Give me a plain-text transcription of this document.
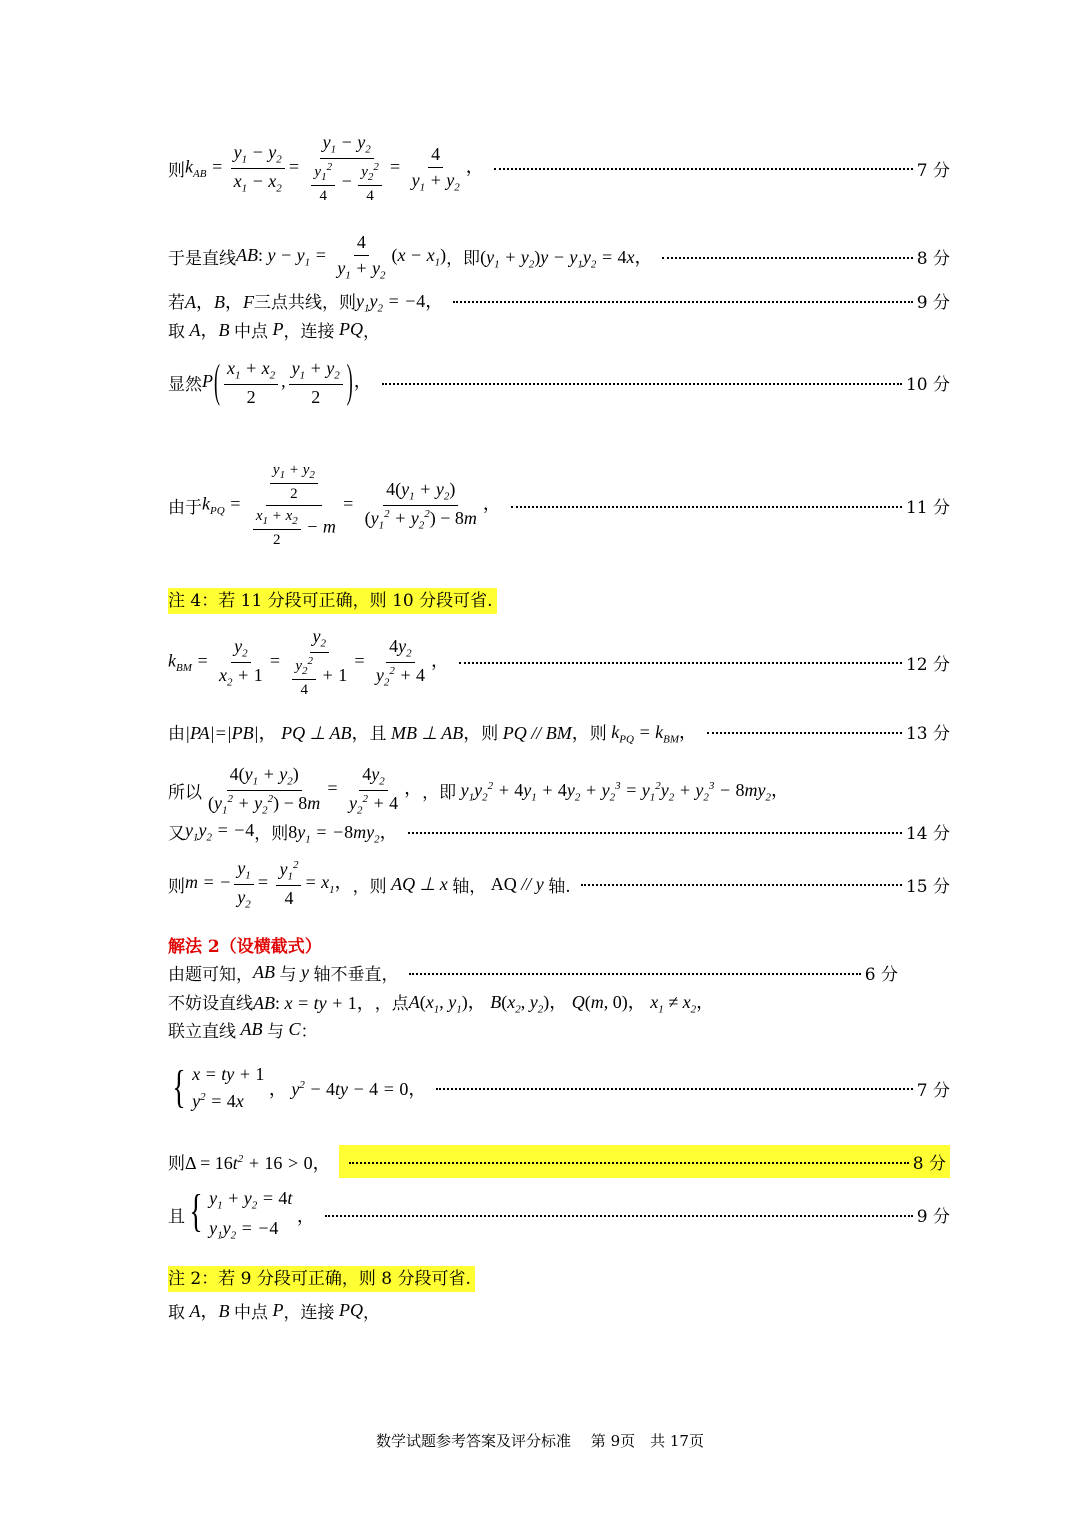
则 $k_{AB} = \frac{y_1 - y_2}{x_1 - x_2} = \frac{y_1 - y_2}{\frac{y_1^2}{4} - \frac{y_2^2}{4}} = \frac{4}{y_1 + y_2}$ ，	7 分
于是直线 AB: $y - y_1 = \frac{4}{y_1 + y_2} (x - x_1)$ ，即 $(y_1 + y_2)y - y_1y_2 = 4x$，	8 分
若 A，B，F 三点共线，则 $y_1y_2 = -4$，	9 分
取 A，B 中点 P ，连接 PQ ，
显然 $P( \frac{x_1 + x_2}{2}$ , $\frac{y_1 + y_2}{2}$ )，	10 分
由于 $k_{PQ} = \frac{\frac{y_1 + y_2}{2}}{\frac{x_1 + x_2}{2} - m} = \frac{4(y_1 + y_2)}{(y_1^2 + y_2^2) - 8m}$ ，	11 分
注 4：若 11 分段可正确，则 10 分段可省.
$k_{BM} = \frac{y_2}{x_2 + 1} = \frac{y_2}{\frac{y_2^2}{4} + 1} = \frac{4y_2}{y_2^2 + 4}$ ，	12 分
由 |PA|=|PB|， PQ ⊥ AB， 且 MB ⊥ AB， 则 PQ // BM， 则 $k_{PQ} = k_{BM}$，	13 分
所以 $\frac{4(y_1 + y_2)}{(y_1^2 + y_2^2) - 8m} = \frac{4y_2}{y_2^2 + 4}$ ， ，即 $y_1y_2^2 + 4y_1 + 4y_2 + y_2^3 = y_1^2y_2 + y_2^3 - 8my_2$，
又 $y_1y_2 = -4$ ，则 $8y_1 = -8my_2$，	14 分
则 m = − $\frac{y_1}{y_2} = \frac{y_1^2}{4} = x_1$， ，则 AQ ⊥ x 轴， AQ // y 轴.	15 分
解法 2（设横截式）
由题可知， AB 与 y 轴不垂直，	6 分
不妨设直线 AB: x = ty + 1， ，点 $A(x_1$, $y_1$)， $B(x_2$, $y_2$)， Q(m, 0)， $x_1 \ne x_2$，
联立直线 AB 与 C ：
{ x = ty + 1
$y^2 = 4x$
， $y^2 - 4ty - 4 = 0$，	7 分
则 $\Delta = 16t^2 + 16 > 0$，	8 分
且 { $y_1 + y_2 = 4t$
$y_1y_2 = -4$
，	9 分
注 2：若 9 分段可正确，则 8 分段可省.
取 A，B 中点 P ，连接 PQ ，
数学试题参考答案及评分标准　 第 9页　共 17页
